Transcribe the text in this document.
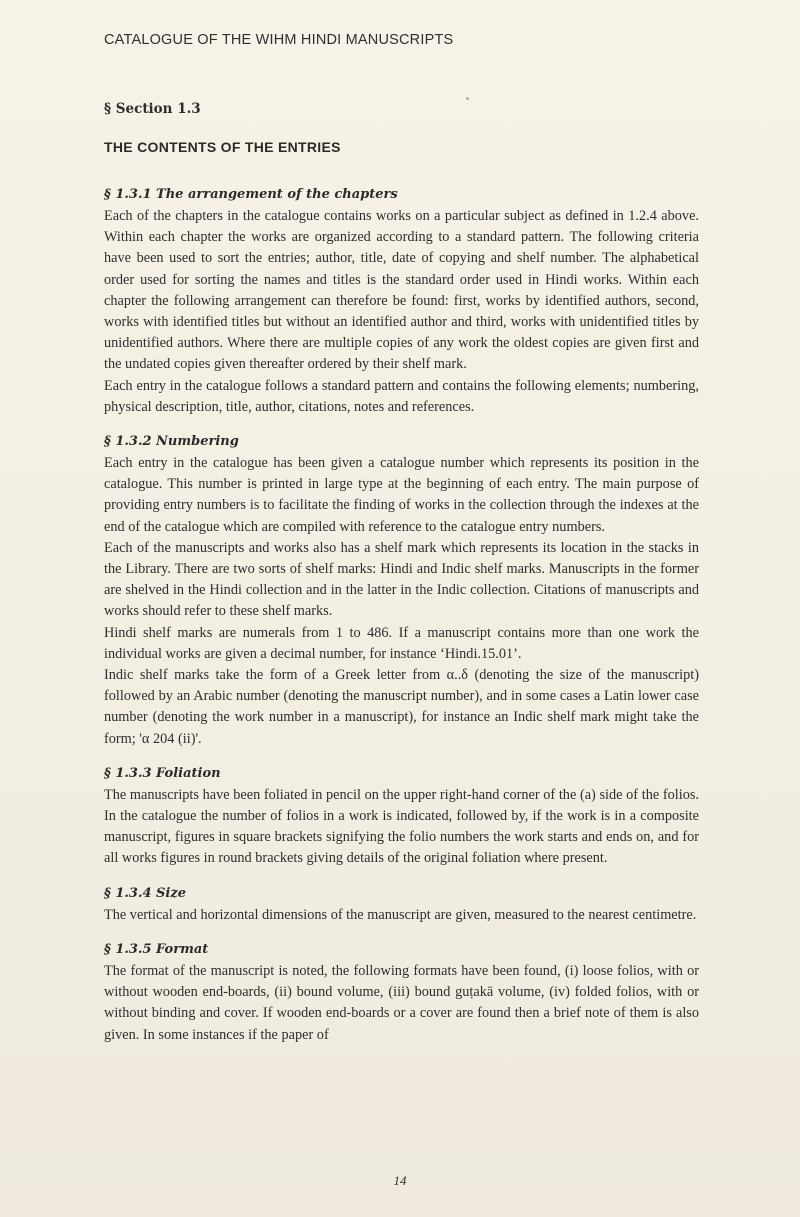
CATALOGUE OF THE WIHM HINDI MANUSCRIPTS
§ Section 1.3
THE CONTENTS OF THE ENTRIES
§ 1.3.1 The arrangement of the chapters

Each of the chapters in the catalogue contains works on a particular subject as defined in 1.2.4 above. Within each chapter the works are organized according to a standard pattern. The following criteria have been used to sort the entries; author, title, date of copying and shelf number. The alphabetical order used for sorting the names and titles is the standard order used in Hindi works. Within each chapter the following arrangement can therefore be found: first, works by identified authors, second, works with identified titles but without an identified author and third, works with unidentified titles by unidentified authors. Where there are multiple copies of any work the oldest copies are given first and the undated copies given thereafter ordered by their shelf mark.

Each entry in the catalogue follows a standard pattern and contains the following elements; numbering, physical description, title, author, citations, notes and references.

§ 1.3.2 Numbering

Each entry in the catalogue has been given a catalogue number which represents its position in the catalogue. This number is printed in large type at the beginning of each entry. The main purpose of providing entry numbers is to facilitate the finding of works in the collection through the indexes at the end of the catalogue which are compiled with reference to the catalogue entry numbers.

Each of the manuscripts and works also has a shelf mark which represents its location in the stacks in the Library. There are two sorts of shelf marks: Hindi and Indic shelf marks. Manuscripts in the former are shelved in the Hindi collection and in the latter in the Indic collection. Citations of manuscripts and works should refer to these shelf marks.

Hindi shelf marks are numerals from 1 to 486. If a manuscript contains more than one work the individual works are given a decimal number, for instance ‘Hindi.15.01’.

Indic shelf marks take the form of a Greek letter from α..δ (denoting the size of the manuscript) followed by an Arabic number (denoting the manuscript number), and in some cases a Latin lower case number (denoting the work number in a manuscript), for instance an Indic shelf mark might take the form; 'α 204 (ii)'.

§ 1.3.3 Foliation

The manuscripts have been foliated in pencil on the upper right-hand corner of the (a) side of the folios. In the catalogue the number of folios in a work is indicated, followed by, if the work is in a composite manuscript, figures in square brackets signifying the folio numbers the work starts and ends on, and for all works figures in round brackets giving details of the original foliation where present.

§ 1.3.4 Size

The vertical and horizontal dimensions of the manuscript are given, measured to the nearest centimetre.

§ 1.3.5 Format

The format of the manuscript is noted, the following formats have been found, (i) loose folios, with or without wooden end-boards, (ii) bound volume, (iii) bound guṭakā volume, (iv) folded folios, with or without binding and cover. If wooden end-boards or a cover are found then a brief note of them is also given. In some instances if the paper of

14
